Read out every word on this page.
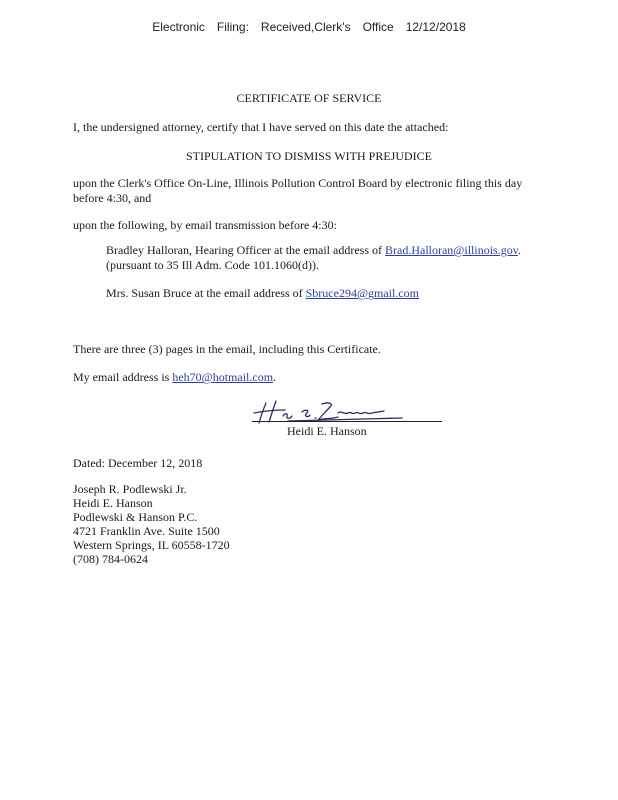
Electronic Filing: Received,Clerk's Office 12/12/2018
CERTIFICATE OF SERVICE
I, the undersigned attorney, certify that I have served on this date the attached:
STIPULATION TO DISMISS WITH PREJUDICE
upon the Clerk's Office On-Line, Illinois Pollution Control Board by electronic filing this day
before 4:30, and
upon the following, by email transmission before 4:30:
Bradley Halloran, Hearing Officer at the email address of Brad.Halloran@illinois.gov.
(pursuant to 35 Ill Adm. Code 101.1060(d)).
Mrs. Susan Bruce at the email address of Sbruce294@gmail.com
There are three (3) pages in the email, including this Certificate.
My email address is heh70@hotmail.com.
Heidi E. Hanson
Dated: December 12, 2018
Joseph R. Podlewski Jr.
Heidi E. Hanson
Podlewski & Hanson P.C.
4721 Franklin Ave. Suite 1500
Western Springs, IL 60558-1720
(708) 784-0624
